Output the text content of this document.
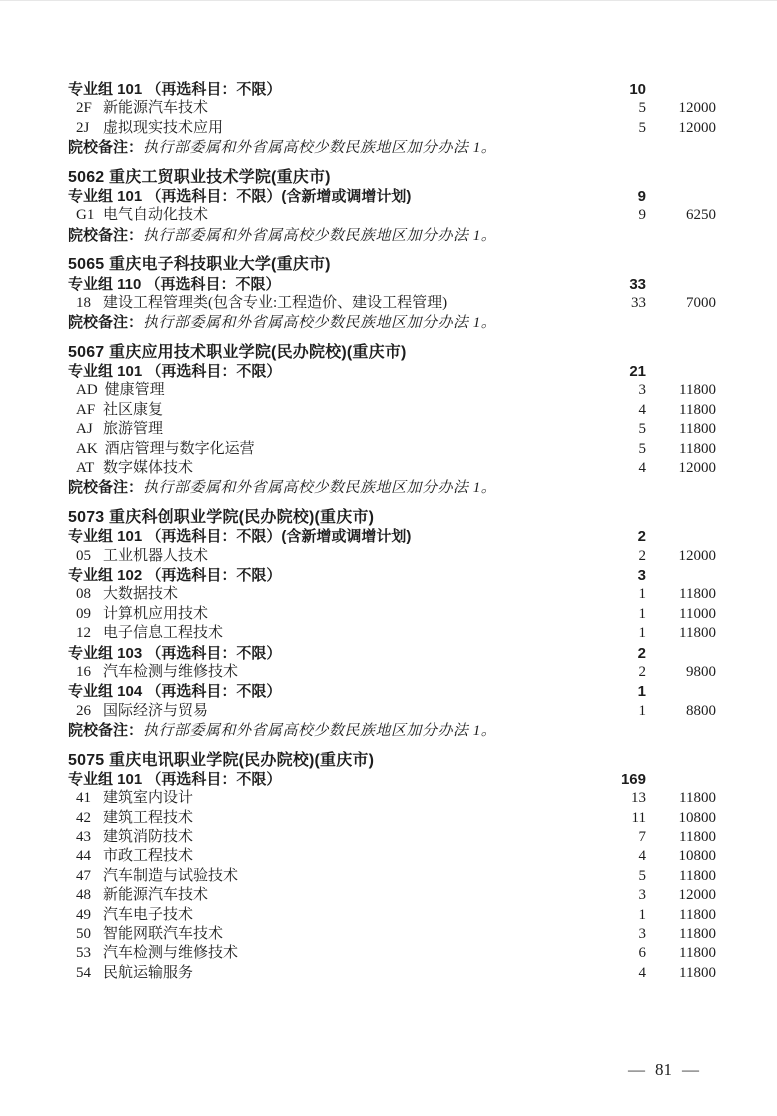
专业组 101 （再选科目：不限）	10
2F 新能源汽车技术	5	12000
2J 虚拟现实技术应用	5	12000
院校备注： 执行部委属和外省属高校少数民族地区加分办法 1。
5062 重庆工贸职业技术学院(重庆市)
专业组 101 （再选科目：不限）(含新增或调增计划)	9
G1 电气自动化技术	9	6250
院校备注： 执行部委属和外省属高校少数民族地区加分办法 1。
5065 重庆电子科技职业大学(重庆市)
专业组 110 （再选科目：不限）	33
18 建设工程管理类(包含专业:工程造价、建设工程管理)	33	7000
院校备注： 执行部委属和外省属高校少数民族地区加分办法 1。
5067 重庆应用技术职业学院(民办院校)(重庆市)
专业组 101 （再选科目：不限）	21
AD 健康管理	3	11800
AF 社区康复	4	11800
AJ 旅游管理	5	11800
AK 酒店管理与数字化运营	5	11800
AT 数字媒体技术	4	12000
院校备注： 执行部委属和外省属高校少数民族地区加分办法 1。
5073 重庆科创职业学院(民办院校)(重庆市)
专业组 101 （再选科目：不限）(含新增或调增计划)	2
05 工业机器人技术	2	12000
专业组 102 （再选科目：不限）	3
08 大数据技术	1	11800
09 计算机应用技术	1	11000
12 电子信息工程技术	1	11800
专业组 103 （再选科目：不限）	2
16 汽车检测与维修技术	2	9800
专业组 104 （再选科目：不限）	1
26 国际经济与贸易	1	8800
院校备注： 执行部委属和外省属高校少数民族地区加分办法 1。
5075 重庆电讯职业学院(民办院校)(重庆市)
专业组 101 （再选科目：不限）	169
41 建筑室内设计	13	11800
42 建筑工程技术	11	10800
43 建筑消防技术	7	11800
44 市政工程技术	4	10800
47 汽车制造与试验技术	5	11800
48 新能源汽车技术	3	12000
49 汽车电子技术	1	11800
50 智能网联汽车技术	3	11800
53 汽车检测与维修技术	6	11800
54 民航运输服务	4	11800
— 81 —
